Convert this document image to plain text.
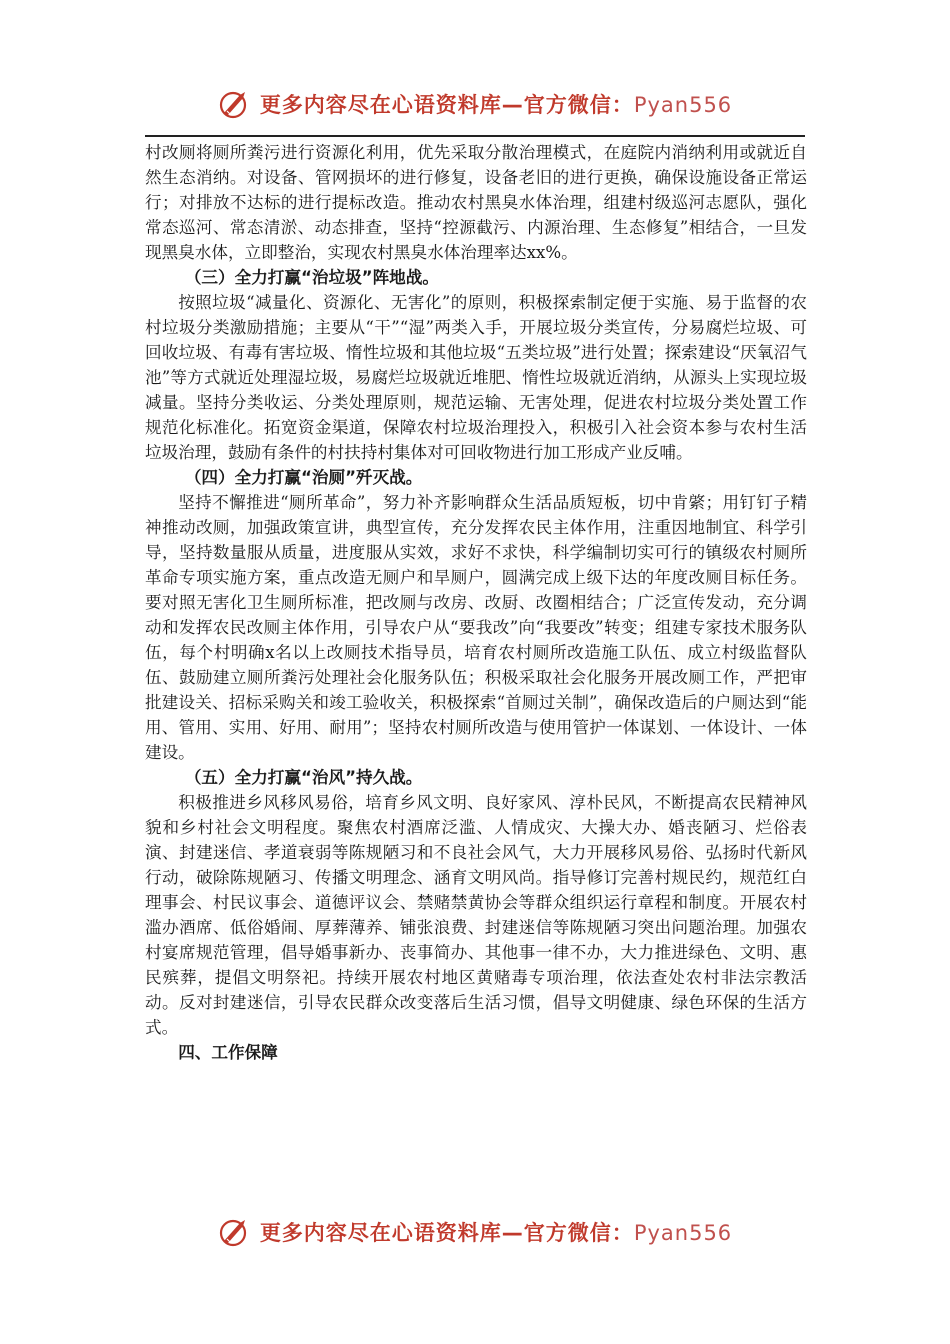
更多内容尽在心语资料库—官方微信：Pyan556

村改厕将厕所粪污进行资源化利用，优先采取分散治理模式，在庭院内消纳利用或就近自然生态消纳。对设备、管网损坏的进行修复，设备老旧的进行更换，确保设施设备正常运行；对排放不达标的进行提标改造。推动农村黑臭水体治理，组建村级巡河志愿队，强化常态巡河、常态清淤、动态排查，坚持“控源截污、内源治理、生态修复”相结合，一旦发现黑臭水体，立即整治，实现农村黑臭水体治理率达xx%。

（三）全力打赢“治垃圾”阵地战。

按照垃圾“减量化、资源化、无害化”的原则，积极探索制定便于实施、易于监督的农村垃圾分类激励措施；主要从“干”“湿”两类入手，开展垃圾分类宣传，分易腐烂垃圾、可回收垃圾、有毒有害垃圾、惰性垃圾和其他垃圾“五类垃圾”进行处置；探索建设“厌氧沼气池”等方式就近处理湿垃圾，易腐烂垃圾就近堆肥、惰性垃圾就近消纳，从源头上实现垃圾减量。坚持分类收运、分类处理原则，规范运输、无害处理，促进农村垃圾分类处置工作规范化标准化。拓宽资金渠道，保障农村垃圾治理投入，积极引入社会资本参与农村生活垃圾治理，鼓励有条件的村扶持村集体对可回收物进行加工形成产业反哺。

（四）全力打赢“治厕”歼灭战。

坚持不懈推进“厕所革命”，努力补齐影响群众生活品质短板，切中肯綮；用钉钉子精神推动改厕，加强政策宣讲，典型宣传，充分发挥农民主体作用，注重因地制宜、科学引导，坚持数量服从质量，进度服从实效，求好不求快，科学编制切实可行的镇级农村厕所革命专项实施方案，重点改造无厕户和旱厕户，圆满完成上级下达的年度改厕目标任务。要对照无害化卫生厕所标准，把改厕与改房、改厨、改圈相结合；广泛宣传发动，充分调动和发挥农民改厕主体作用，引导农户从“要我改”向“我要改”转变；组建专家技术服务队伍，每个村明确x名以上改厕技术指导员，培育农村厕所改造施工队伍、成立村级监督队伍、鼓励建立厕所粪污处理社会化服务队伍；积极采取社会化服务开展改厕工作，严把审批建设关、招标采购关和竣工验收关，积极探索“首厕过关制”，确保改造后的户厕达到“能用、管用、实用、好用、耐用”；坚持农村厕所改造与使用管护一体谋划、一体设计、一体建设。

（五）全力打赢“治风”持久战。

积极推进乡风移风易俗，培育乡风文明、良好家风、淳朴民风，不断提高农民精神风貌和乡村社会文明程度。聚焦农村酒席泛滥、人情成灾、大操大办、婚丧陋习、烂俗表演、封建迷信、孝道衰弱等陈规陋习和不良社会风气，大力开展移风易俗、弘扬时代新风行动，破除陈规陋习、传播文明理念、涵育文明风尚。指导修订完善村规民约，规范红白理事会、村民议事会、道德评议会、禁赌禁黄协会等群众组织运行章程和制度。开展农村滥办酒席、低俗婚闹、厚葬薄养、铺张浪费、封建迷信等陈规陋习突出问题治理。加强农村宴席规范管理，倡导婚事新办、丧事简办、其他事一律不办，大力推进绿色、文明、惠民殡葬，提倡文明祭祀。持续开展农村地区黄赌毒专项治理，依法查处农村非法宗教活动。反对封建迷信，引导农民群众改变落后生活习惯，倡导文明健康、绿色环保的生活方式。

四、工作保障

更多内容尽在心语资料库—官方微信：Pyan556
